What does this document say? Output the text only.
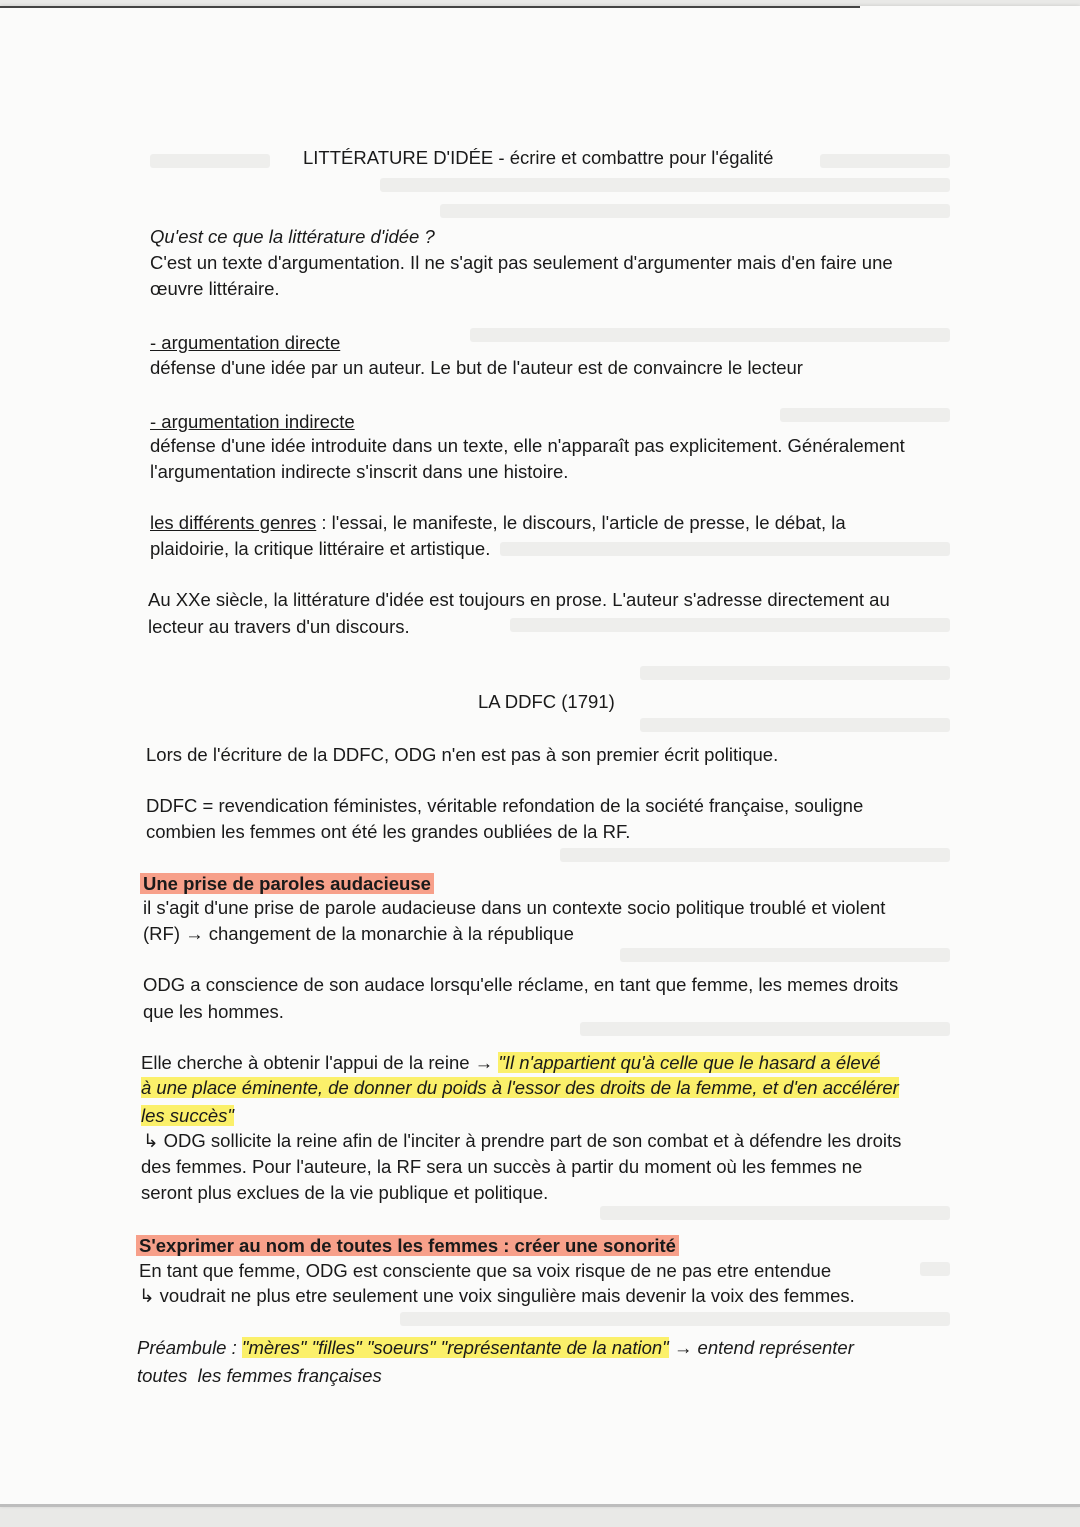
LITTÉRATURE D'IDÉE - écrire et combattre pour l'égalité

Qu'est ce que la littérature d'idée ?

C'est un texte d'argumentation. Il ne s'agit pas seulement d'argumenter mais d'en faire une

œuvre littéraire.

- argumentation directe

défense d'une idée par un auteur. Le but de l'auteur est de convaincre le lecteur

- argumentation indirecte

défense d'une idée introduite dans un texte, elle n'apparaît pas explicitement. Généralement

l'argumentation indirecte s'inscrit dans une histoire.

les différents genres : l'essai, le manifeste, le discours, l'article de presse, le débat, la

plaidoirie, la critique littéraire et artistique.

Au XXe siècle, la littérature d'idée est toujours en prose. L'auteur s'adresse directement au

lecteur au travers d'un discours.

LA DDFC (1791)

Lors de l'écriture de la DDFC, ODG n'en est pas à son premier écrit politique.

DDFC = revendication féministes, véritable refondation de la société française, souligne

combien les femmes ont été les grandes oubliées de la RF.

Une prise de paroles audacieuse

il s'agit d'une prise de parole audacieuse dans un contexte socio politique troublé et violent

(RF) → changement de la monarchie à la république

ODG a conscience de son audace lorsqu'elle réclame, en tant que femme, les memes droits

que les hommes.

Elle cherche à obtenir l'appui de la reine → "Il n'appartient qu'à celle que le hasard a élevé

à une place éminente, de donner du poids à l'essor des droits de la femme, et d'en accélérer

les succès"

↳ ODG sollicite la reine afin de l'inciter à prendre part de son combat et à défendre les droits

des femmes. Pour l'auteure, la RF sera un succès à partir du moment où les femmes ne

seront plus exclues de la vie publique et politique.

S'exprimer au nom de toutes les femmes : créer une sonorité

En tant que femme, ODG est consciente que sa voix risque de ne pas etre entendue

↳ voudrait ne plus etre seulement une voix singulière mais devenir la voix des femmes.

Préambule : "mères" "filles" "soeurs" "représentante de la nation" → entend représenter

toutes  les femmes françaises
